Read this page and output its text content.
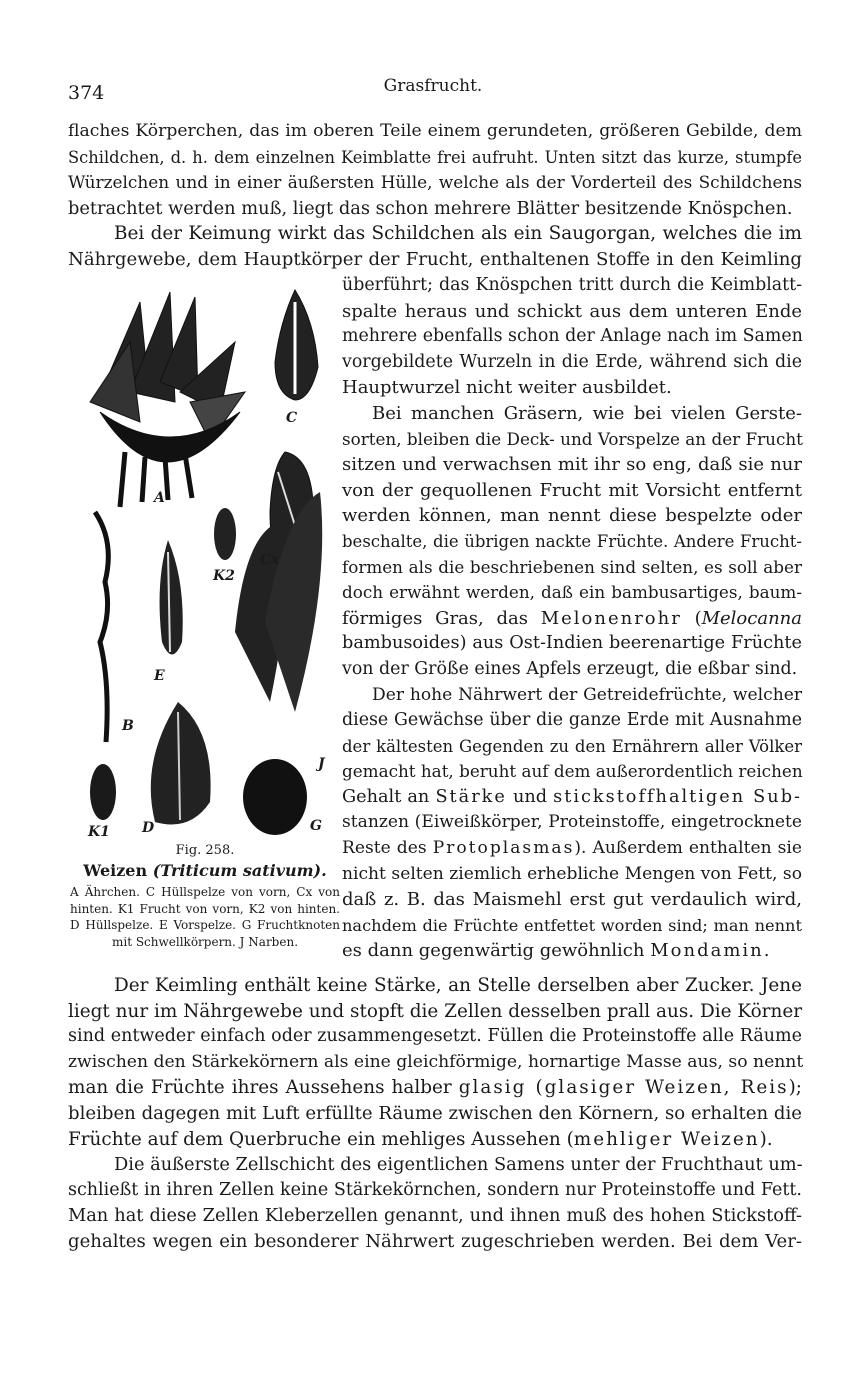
374	Grasfrucht.
flaches Körperchen, das im oberen Teile einem gerundeten, größeren Gebilde, dem
Schildchen, d. h. dem einzelnen Keimblatte frei aufruht. Unten sitzt das kurze, stumpfe
Würzelchen und in einer äußersten Hülle, welche als der Vorderteil des Schildchens
betrachtet werden muß, liegt das schon mehrere Blätter besitzende Knöspchen.
Bei der Keimung wirkt das Schildchen als ein Saugorgan, welches die im
Nährgewebe, dem Hauptkörper der Frucht, enthaltenen Stoffe in den Keimling
A
C
Cx
K2
E
B
J
K1 D	G
Fig. 258.
Weizen (Triticum sativum).
A Ährchen. C Hüllspelze von vorn, Cx von hinten. K1 Frucht von vorn, K2 von hinten. D Hüllspelze. E Vorspelze. G Fruchtknoten mit Schwellkörpern. J Narben.
überführt; das Knöspchen tritt durch die Keimblatt-
spalte heraus und schickt aus dem unteren Ende
mehrere ebenfalls schon der Anlage nach im Samen
vorgebildete Wurzeln in die Erde, während sich die
Hauptwurzel nicht weiter ausbildet.
Bei manchen Gräsern, wie bei vielen Gerste-
sorten, bleiben die Deck- und Vorspelze an der Frucht
sitzen und verwachsen mit ihr so eng, daß sie nur
von der gequollenen Frucht mit Vorsicht entfernt
werden können, man nennt diese bespelzte oder
beschalte, die übrigen nackte Früchte. Andere Frucht-
formen als die beschriebenen sind selten, es soll aber
doch erwähnt werden, daß ein bambusartiges, baum-
förmiges Gras, das Melonenrohr (Melocanna
bambusoides) aus Ost-Indien beerenartige Früchte
von der Größe eines Apfels erzeugt, die eßbar sind.
Der hohe Nährwert der Getreidefrüchte, welcher
diese Gewächse über die ganze Erde mit Ausnahme
der kältesten Gegenden zu den Ernährern aller Völker
gemacht hat, beruht auf dem außerordentlich reichen
Gehalt an Stärke und stickstoffhaltigen Sub-
stanzen (Eiweißkörper, Proteinstoffe, eingetrocknete
Reste des Protoplasmas). Außerdem enthalten sie
nicht selten ziemlich erhebliche Mengen von Fett, so
daß z. B. das Maismehl erst gut verdaulich wird,
nachdem die Früchte entfettet worden sind; man nennt
es dann gegenwärtig gewöhnlich Mondamin.
Der Keimling enthält keine Stärke, an Stelle derselben aber Zucker. Jene
liegt nur im Nährgewebe und stopft die Zellen desselben prall aus. Die Körner
sind entweder einfach oder zusammengesetzt. Füllen die Proteinstoffe alle Räume
zwischen den Stärkekörnern als eine gleichförmige, hornartige Masse aus, so nennt
man die Früchte ihres Aussehens halber glasig (glasiger Weizen, Reis);
bleiben dagegen mit Luft erfüllte Räume zwischen den Körnern, so erhalten die
Früchte auf dem Querbruche ein mehliges Aussehen (mehliger Weizen).
Die äußerste Zellschicht des eigentlichen Samens unter der Fruchthaut um-
schließt in ihren Zellen keine Stärkekörnchen, sondern nur Proteinstoffe und Fett.
Man hat diese Zellen Kleberzellen genannt, und ihnen muß des hohen Stickstoff-
gehaltes wegen ein besonderer Nährwert zugeschrieben werden. Bei dem Ver-
